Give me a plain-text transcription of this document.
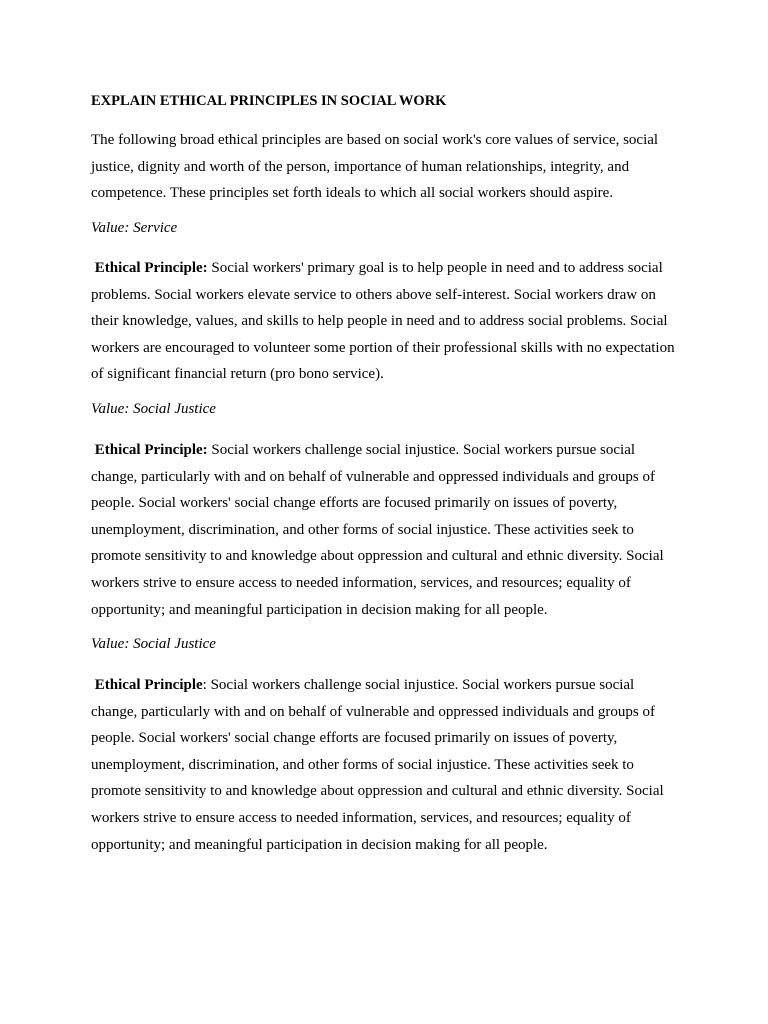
EXPLAIN ETHICAL PRINCIPLES IN SOCIAL WORK
The following broad ethical principles are based on social work's core values of service, social
justice, dignity and worth of the person, importance of human relationships, integrity, and
competence. These principles set forth ideals to which all social workers should aspire.
Value: Service
Ethical Principle: Social workers' primary goal is to help people in need and to address social
problems. Social workers elevate service to others above self-interest. Social workers draw on
their knowledge, values, and skills to help people in need and to address social problems. Social
workers are encouraged to volunteer some portion of their professional skills with no expectation
of significant financial return (pro bono service).
Value: Social Justice
Ethical Principle: Social workers challenge social injustice. Social workers pursue social
change, particularly with and on behalf of vulnerable and oppressed individuals and groups of
people. Social workers' social change efforts are focused primarily on issues of poverty,
unemployment, discrimination, and other forms of social injustice. These activities seek to
promote sensitivity to and knowledge about oppression and cultural and ethnic diversity. Social
workers strive to ensure access to needed information, services, and resources; equality of
opportunity; and meaningful participation in decision making for all people.
Value: Social Justice
Ethical Principle: Social workers challenge social injustice. Social workers pursue social
change, particularly with and on behalf of vulnerable and oppressed individuals and groups of
people. Social workers' social change efforts are focused primarily on issues of poverty,
unemployment, discrimination, and other forms of social injustice. These activities seek to
promote sensitivity to and knowledge about oppression and cultural and ethnic diversity. Social
workers strive to ensure access to needed information, services, and resources; equality of
opportunity; and meaningful participation in decision making for all people.
